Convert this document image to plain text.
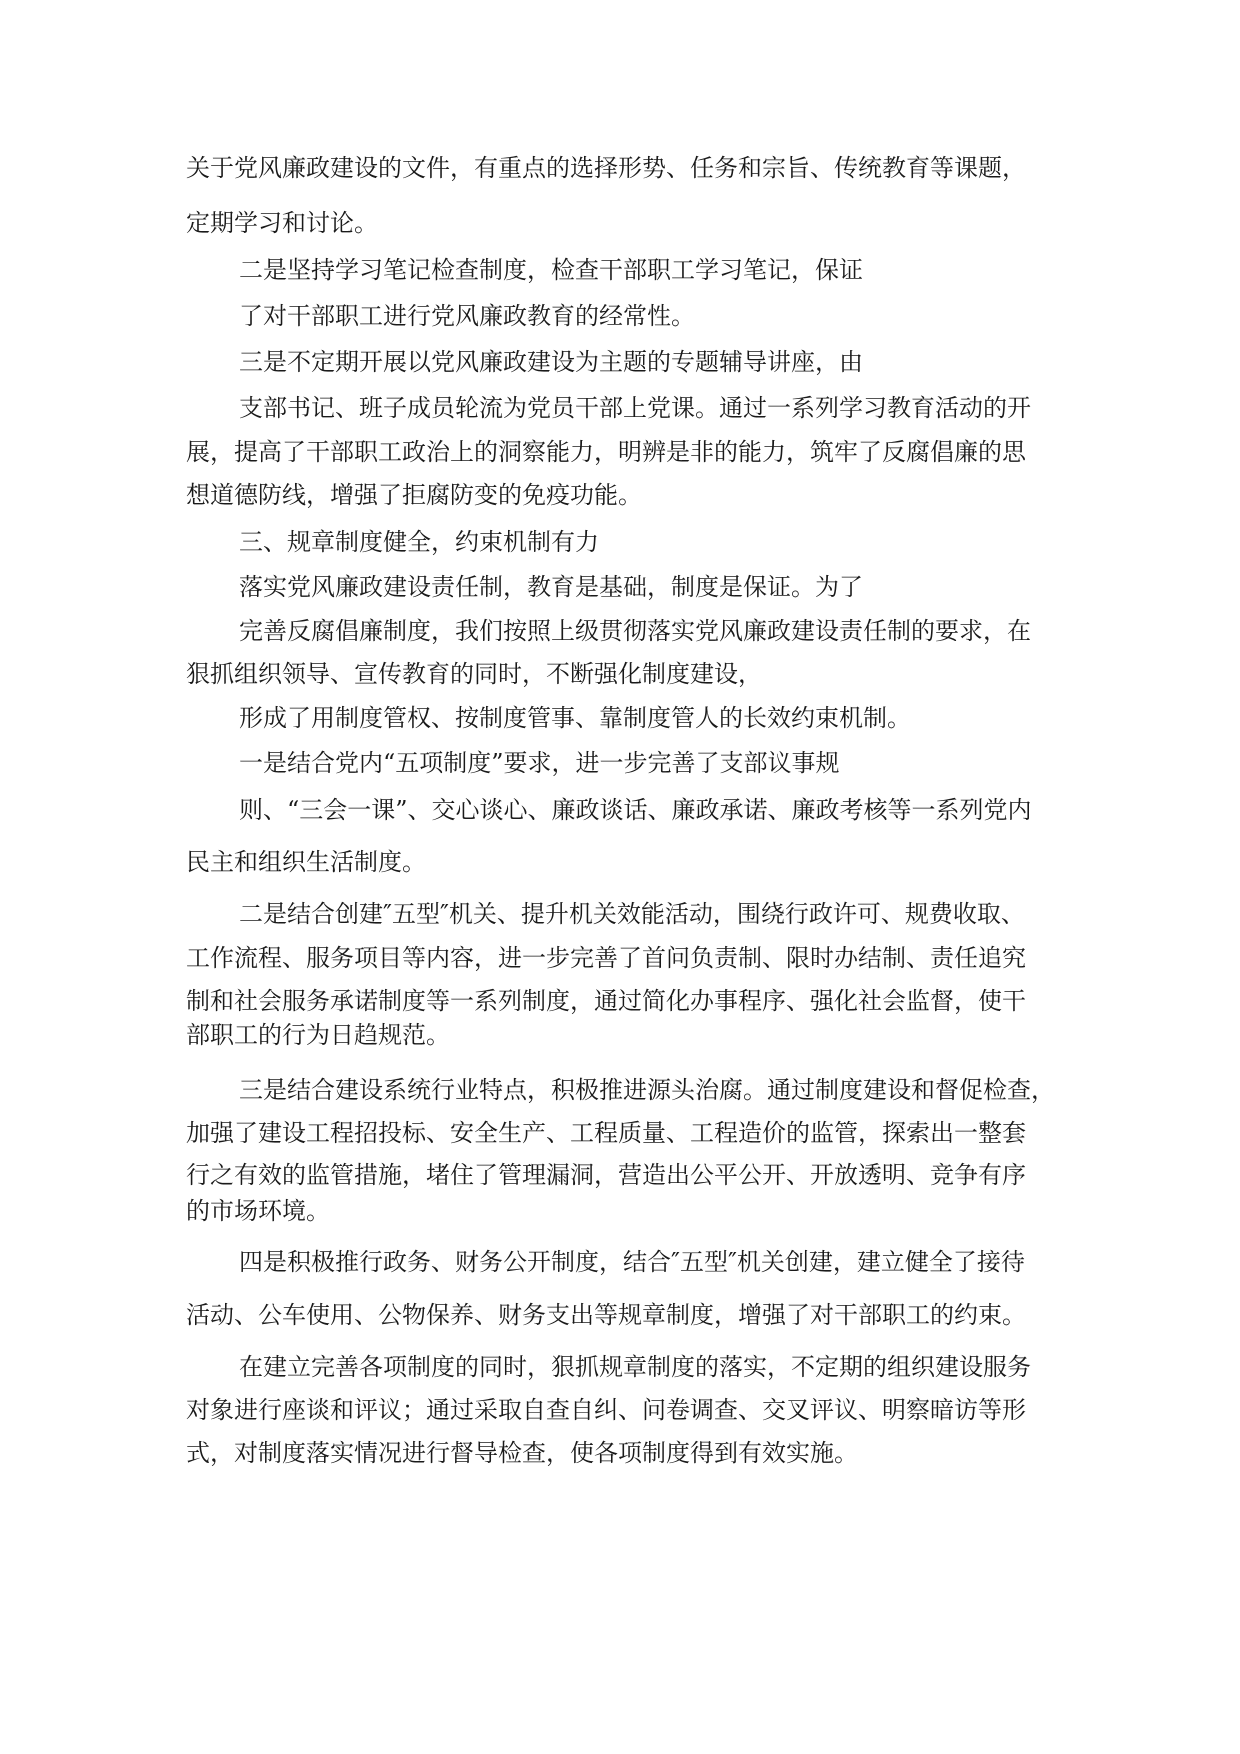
关于党风廉政建设的文件，有重点的选择形势、任务和宗旨、传统教育等课题，

定期学习和讨论。

二是坚持学习笔记检查制度，检查干部职工学习笔记，保证

了对干部职工进行党风廉政教育的经常性。

三是不定期开展以党风廉政建设为主题的专题辅导讲座，由

支部书记、班子成员轮流为党员干部上党课。通过一系列学习教育活动的开

展，提高了干部职工政治上的洞察能力，明辨是非的能力，筑牢了反腐倡廉的思

想道德防线，增强了拒腐防变的免疫功能。

三、规章制度健全，约束机制有力

落实党风廉政建设责任制，教育是基础，制度是保证。为了

完善反腐倡廉制度，我们按照上级贯彻落实党风廉政建设责任制的要求，在

狠抓组织领导、宣传教育的同时，不断强化制度建设，

形成了用制度管权、按制度管事、靠制度管人的长效约束机制。

一是结合党内“五项制度”要求，进一步完善了支部议事规

则、“三会一课”、交心谈心、廉政谈话、廉政承诺、廉政考核等一系列党内

民主和组织生活制度。

二是结合创建″五型″机关、提升机关效能活动，围绕行政许可、规费收取、

工作流程、服务项目等内容，进一步完善了首问负责制、限时办结制、责任追究

制和社会服务承诺制度等一系列制度，通过简化办事程序、强化社会监督，使干

部职工的行为日趋规范。

三是结合建设系统行业特点，积极推进源头治腐。通过制度建设和督促检查，

加强了建设工程招投标、安全生产、工程质量、工程造价的监管，探索出一整套

行之有效的监管措施，堵住了管理漏洞，营造出公平公开、开放透明、竞争有序

的市场环境。

四是积极推行政务、财务公开制度，结合″五型″机关创建，建立健全了接待

活动、公车使用、公物保养、财务支出等规章制度，增强了对干部职工的约束。

在建立完善各项制度的同时，狠抓规章制度的落实，不定期的组织建设服务

对象进行座谈和评议；通过采取自查自纠、问卷调查、交叉评议、明察暗访等形

式，对制度落实情况进行督导检查，使各项制度得到有效实施。
